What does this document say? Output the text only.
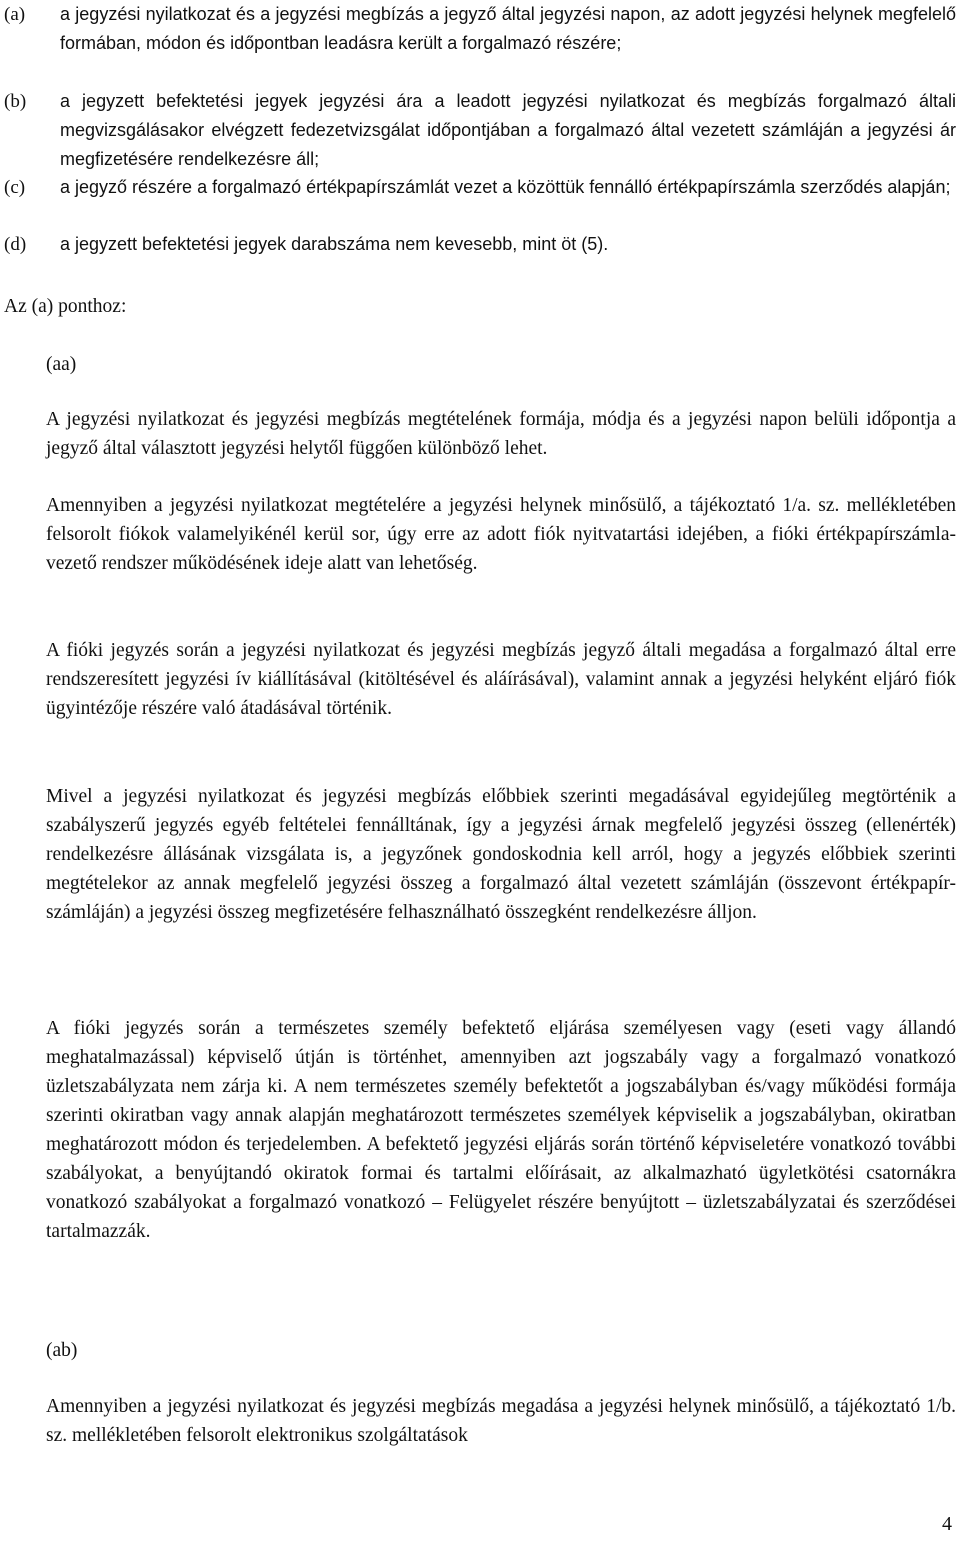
(a) a jegyzési nyilatkozat és a jegyzési megbízás a jegyző által jegyzési napon, az adott jegyzési helynek megfelelő formában, módon és időpontban leadásra került a forgalmazó részére;
(b) a jegyzett befektetési jegyek jegyzési ára a leadott jegyzési nyilatkozat és megbízás forgalmazó általi megvizsgálásakor elvégzett fedezetvizsgálat időpontjában a forgalmazó által vezetett számláján a jegyzési ár megfizetésére rendelkezésre áll;
(c) a jegyző részére a forgalmazó értékpapírszámlát vezet a közöttük fennálló értékpapírszámla szerződés alapján;
(d) a jegyzett befektetési jegyek darabszáma nem kevesebb, mint öt (5).
Az (a) ponthoz:
(aa)
A jegyzési nyilatkozat és jegyzési megbízás megtételének formája, módja és a jegyzési napon belüli időpontja a jegyző által választott jegyzési helytől függően különböző lehet.
Amennyiben a jegyzési nyilatkozat megtételére a jegyzési helynek minősülő, a tájékoztató 1/a. sz. mellékletében felsorolt fiókok valamelyikénél kerül sor, úgy erre az adott fiók nyitvatartási idejében, a fióki értékpapírszámla-vezető rendszer működésének ideje alatt van lehetőség.
A fióki jegyzés során a jegyzési nyilatkozat és jegyzési megbízás jegyző általi megadása a forgalmazó által erre rendszeresített jegyzési ív kiállításával (kitöltésével és aláírásával), valamint annak a jegyzési helyként eljáró fiók ügyintézője részére való átadásával történik.
Mivel a jegyzési nyilatkozat és jegyzési megbízás előbbiek szerinti megadásával egyidejűleg megtörténik a szabályszerű jegyzés egyéb feltételei fennálltának, így a jegyzési árnak megfelelő jegyzési összeg (ellenérték) rendelkezésre állásának vizsgálata is, a jegyzőnek gondoskodnia kell arról, hogy a jegyzés előbbiek szerinti megtételekor az annak megfelelő jegyzési összeg a forgalmazó által vezetett számláján (összevont értékpapír-számláján) a jegyzési összeg megfizetésére felhasználható összegként rendelkezésre álljon.
A fióki jegyzés során a természetes személy befektető eljárása személyesen vagy (eseti vagy állandó meghatalmazással) képviselő útján is történhet, amennyiben azt jogszabály vagy a forgalmazó vonatkozó üzletszabályzata nem zárja ki. A nem természetes személy befektetőt a jogszabályban és/vagy működési formája szerinti okiratban vagy annak alapján meghatározott természetes személyek képviselik a jogszabályban, okiratban meghatározott módon és terjedelemben. A befektető jegyzési eljárás során történő képviseletére vonatkozó további szabályokat, a benyújtandó okiratok formai és tartalmi előírásait, az alkalmazható ügyletkötési csatornákra vonatkozó szabályokat a forgalmazó vonatkozó – Felügyelet részére benyújtott – üzletszabályzatai és szerződései tartalmazzák.
(ab)
Amennyiben a jegyzési nyilatkozat és jegyzési megbízás megadása a jegyzési helynek minősülő, a tájékoztató 1/b. sz. mellékletében felsorolt elektronikus szolgáltatások
4
